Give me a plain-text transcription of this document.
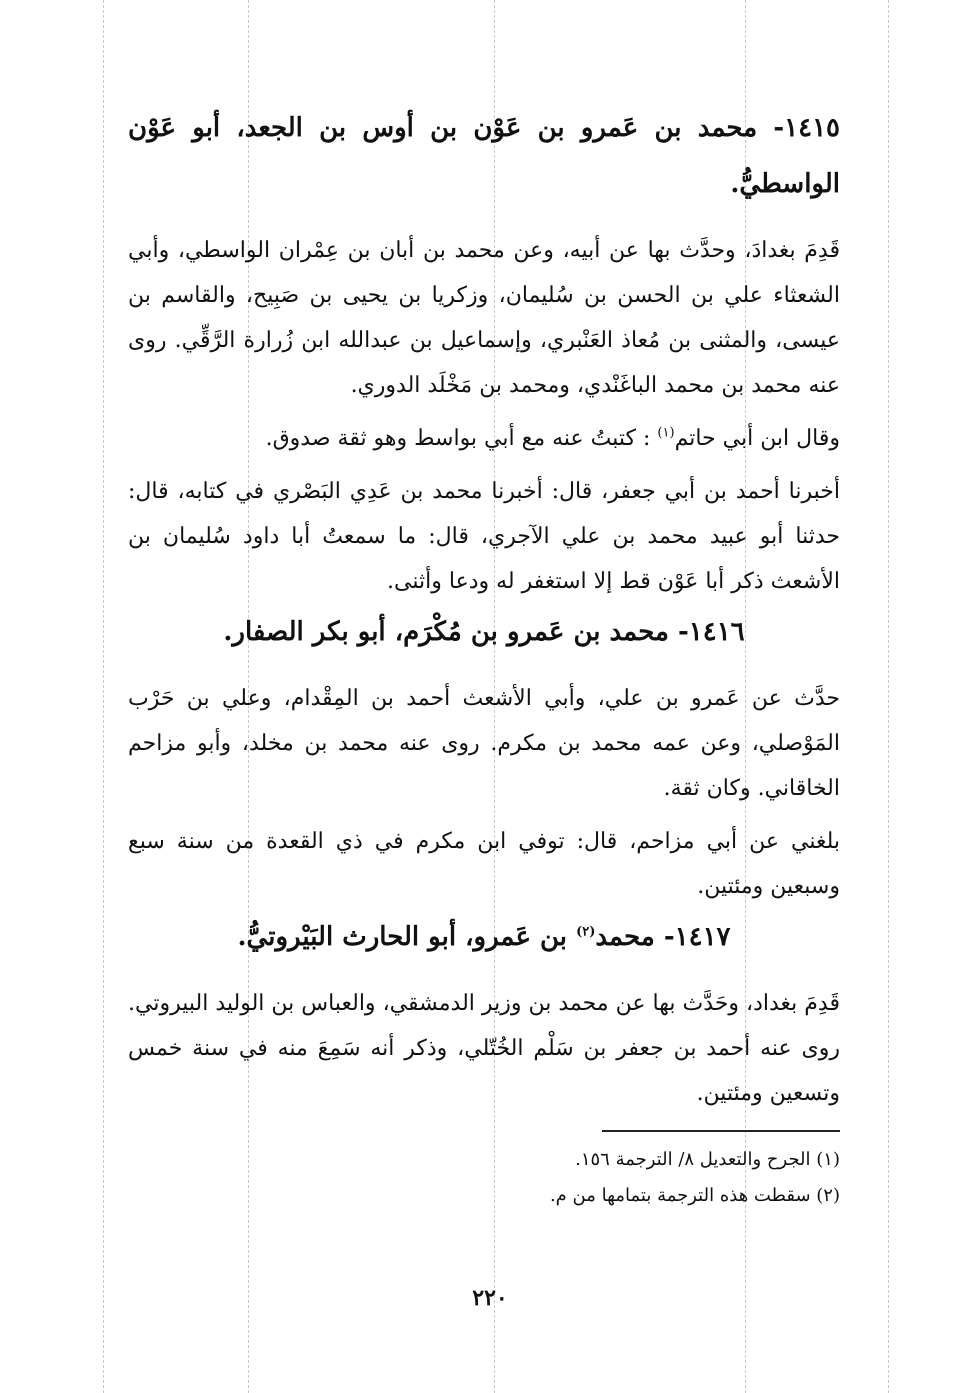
١٤١٥- محمد بن عَمرو بن عَوْن بن أوس بن الجعد، أبو عَوْن الواسطيُّ.

قَدِمَ بغدادَ، وحدَّث بها عن أبيه، وعن محمد بن أبان بن عِمْران الواسطي، وأبي الشعثاء علي بن الحسن بن سُليمان، وزكريا بن يحيى بن صَبِيح، والقاسم بن عيسى، والمثنى بن مُعاذ العَنْبري، وإسماعيل بن عبدالله ابن زُرارة الرَّقِّي. روى عنه محمد بن محمد الباغَنْدي، ومحمد بن مَخْلَد الدوري.

وقال ابن أبي حاتم$^{(١)}$ : كتبتُ عنه مع أبي بواسط وهو ثقة صدوق.

أخبرنا أحمد بن أبي جعفر، قال: أخبرنا محمد بن عَدِي البَصْري في كتابه، قال: حدثنا أبو عبيد محمد بن علي الآجري، قال: ما سمعتُ أبا داود سُليمان بن الأشعث ذكر أبا عَوْن قط إلا استغفر له ودعا وأثنى.

١٤١٦- محمد بن عَمرو بن مُكْرَم، أبو بكر الصفار.

حدَّث عن عَمرو بن علي، وأبي الأشعث أحمد بن المِقْدام، وعلي بن حَرْب المَوْصلي، وعن عمه محمد بن مكرم. روى عنه محمد بن مخلد، وأبو مزاحم الخاقاني. وكان ثقة.

بلغني عن أبي مزاحم، قال: توفي ابن مكرم في ذي القعدة من سنة سبع وسبعين ومئتين.

١٤١٧- محمد$^{(٢)}$ بن عَمرو، أبو الحارث البَيْروتيُّ.

قَدِمَ بغداد، وحَدَّث بها عن محمد بن وزير الدمشقي، والعباس بن الوليد البيروتي. روى عنه أحمد بن جعفر بن سَلْم الخُتّلي، وذكر أنه سَمِعَ منه في سنة خمس وتسعين ومئتين.

(١) الجرح والتعديل ٨/ الترجمة ١٥٦.

(٢) سقطت هذه الترجمة بتمامها من م.

٢٢٠
